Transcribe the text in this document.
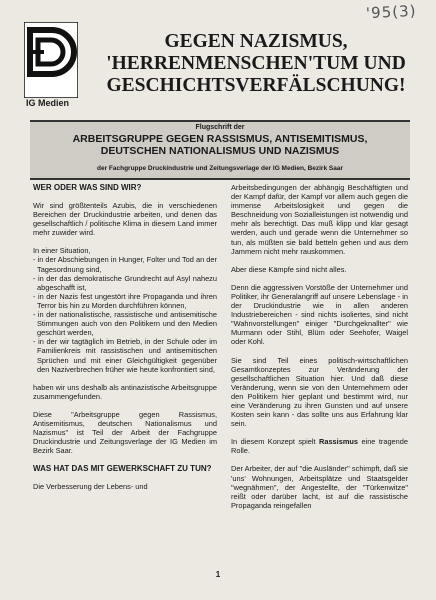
'95(3)
IG Medien
GEGEN NAZISMUS,
'HERRENMENSCHEN'TUM UND
GESCHICHTSVERFÄLSCHUNG!
Flugschrift der
ARBEITSGRUPPE GEGEN RASSISMUS, ANTISEMITISMUS,
DEUTSCHEN NATIONALISMUS UND NAZISMUS
der Fachgruppe Druckindustrie und Zeitungsverlage der IG Medien, Bezirk Saar
WER ODER WAS SIND WIR?

Wir sind größtenteils Azubis, die in verschiedenen Bereichen der Druckindustrie arbeiten, und denen das gesellschaftlich / politische Klima in diesem Land immer mehr zuwider wird.

In einer Situation,

- in der Abschiebungen in Hunger, Folter und Tod an der Tagesordnung sind,
- in der das demokratische Grundrecht auf Asyl nahezu abgeschafft ist,
- in der Nazis fest ungestört ihre Propaganda und ihren Terror bis hin zu Morden durchführen können,
- in der nationalistische, rassistische und antisemitische Stimmungen auch von den Politikern und den Medien geschürt werden,
- in der wir tagtäglich im Betrieb, in der Schule oder im Familienkreis mit rassistischen und antisemitischen Sprüchen und mit einer Gleichgültigkeit gegenüber den Naziverbrechen früher wie heute konfrontiert sind,

haben wir uns deshalb als antinazistische Arbeitsgruppe zusammengefunden.

Diese "Arbeitsgruppe gegen Rassismus, Antisemitismus, deutschen Nationalismus und Nazismus" ist Teil der Arbeit der Fachgruppe Druckindustrie und Zeitungsverlage der IG Medien im Bezirk Saar.

WAS HAT DAS MIT GEWERKSCHAFT ZU TUN?

Die Verbesserung der Lebens- und

Arbeitsbedingungen der abhängig Beschäftigten und der Kampf dafür, der Kampf vor allem auch gegen die immense Arbeitslosigkeit und gegen die Beschneidung von Sozialleistungen ist notwendig und mehr als berechtigt. Das muß klipp und klar gesagt werden, auch und gerade wenn die Unternehmer so tun, als müßten sie bald betteln gehen und aus dem Jammern nicht mehr rauskommen.

Aber diese Kämpfe sind nicht alles.

Denn die aggressiven Vorstöße der Unternehmer und Politiker, ihr Generalangriff auf unsere Lebenslage - in der Druckindustrie wie in allen anderen Industriebereichen - sind nichts isoliertes, sind nicht "Wahnvorstellungen" einiger "Durchgeknallter" wie Murmann oder Stihl, Blüm oder Seehofer, Waigel oder Kohl.

Sie sind Teil eines politisch-wirtschaftlichen Gesamtkonzeptes zur Veränderung der gesellschaftlichen Situation hier. Und daß diese Veränderung, wenn sie von den Unternehmern oder den Politikern hier geplant und bestimmt wird, nur eine Veränderung zu ihren Gunsten und auf unsere Kosten sein kann - das sollte uns aus Erfahrung klar sein.

In diesem Konzept spielt Rassismus eine tragende Rolle.

Der Arbeiter, der auf "die Ausländer" schimpft, daß sie 'uns' Wohnungen, Arbeitsplätze und Staatsgelder "wegnähmen", der Angestellte, der "Türkenwitze" reißt oder darüber lacht, ist auf die rassistische Propaganda reingefallen

1
